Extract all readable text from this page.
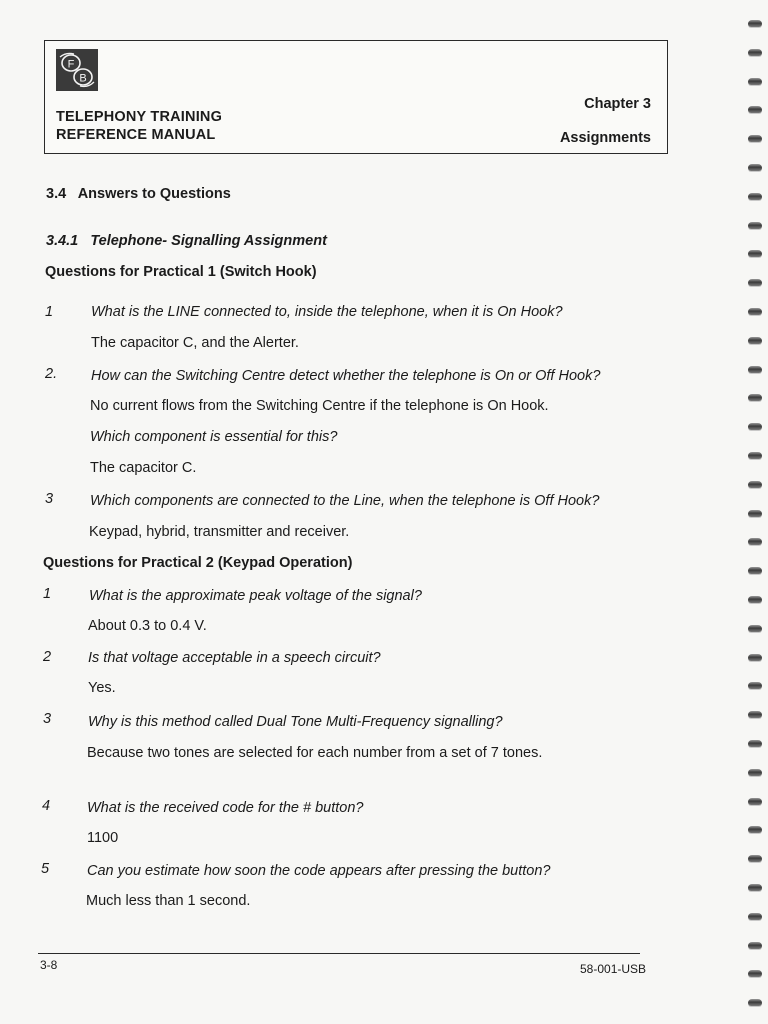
F
B
TELEPHONY TRAINING
REFERENCE MANUAL
Chapter 3
Assignments
3.4   Answers to Questions
3.4.1   Telephone- Signalling Assignment
Questions for Practical 1 (Switch Hook)
1	What is the LINE connected to, inside the telephone, when it is On Hook?
The capacitor C, and the Alerter.
2. How can the Switching Centre detect whether the telephone is On or Off Hook?
No current flows from the Switching Centre if the telephone is On Hook.
Which component is essential for this?
The capacitor C.
3	Which components are connected to the Line, when the telephone is Off Hook?
Keypad, hybrid, transmitter and receiver.
Questions for Practical 2 (Keypad Operation)
1	What is the approximate peak voltage of the signal?
About 0.3 to 0.4 V.
2	Is that voltage acceptable in a speech circuit?
Yes.
3	Why is this method called Dual Tone Multi-Frequency signalling?
Because two tones are selected for each number from a set of 7 tones.
4	What is the received code for the # button?
1100
5	Can you estimate how soon the code appears after pressing the button?
Much less than 1 second.
3-8	58-001-USB
